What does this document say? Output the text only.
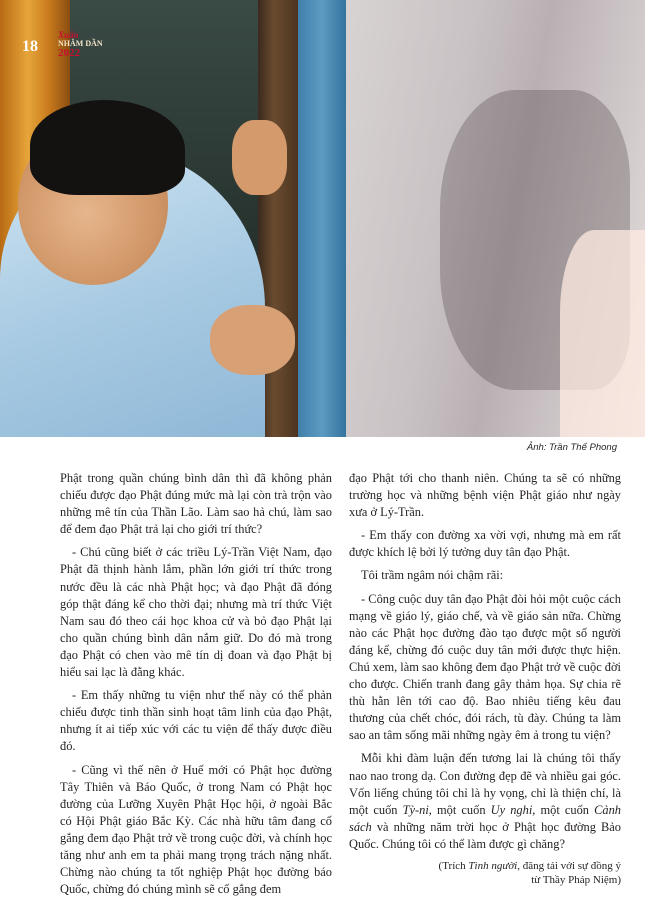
18
Xuân
NHÂM DẦN
2022
Ảnh: Trần Thế Phong

Phật trong quần chúng bình dân thì đã không phản chiếu được đạo Phật đúng mức mà lại còn trà trộn vào những mê tín của Thần Lão. Làm sao hả chú, làm sao để đem đạo Phật trả lại cho giới trí thức?

- Chú cũng biết ở các triều Lý-Trần Việt Nam, đạo Phật đã thịnh hành lắm, phần lớn giới trí thức trong nước đều là các nhà Phật học; và đạo Phật đã đóng góp thật đáng kể cho thời đại; nhưng mà trí thức Việt Nam sau đó theo cái học khoa cử và bỏ đạo Phật lại cho quần chúng bình dân nắm giữ. Do đó mà trong đạo Phật có chen vào mê tín dị đoan và đạo Phật bị hiểu sai lạc là đằng khác.

- Em thấy những tu viện như thế này có thể phản chiếu được tinh thần sinh hoạt tâm linh của đạo Phật, nhưng ít ai tiếp xúc với các tu viện để thấy được điều đó.

- Cũng vì thế nên ở Huế mới có Phật học đường Tây Thiên và Báo Quốc, ở trong Nam có Phật học đường của Lưỡng Xuyên Phật Học hội, ở ngoài Bắc có Hội Phật giáo Bắc Kỳ. Các nhà hữu tâm đang cố gắng đem đạo Phật trở về trong cuộc đời, và chính học tăng như anh em ta phải mang trọng trách nặng nhất. Chừng nào chúng ta tốt nghiệp Phật học đường báo Quốc, chừng đó chúng mình sẽ cố gắng đem

đạo Phật tới cho thanh niên. Chúng ta sẽ có những trường học và những bệnh viện Phật giáo như ngày xưa ở Lý-Trần.

- Em thấy con đường xa vời vợi, nhưng mà em rất được khích lệ bởi lý tưởng duy tân đạo Phật.

Tôi trầm ngâm nói chậm rãi:

- Công cuộc duy tân đạo Phật đòi hỏi một cuộc cách mạng về giáo lý, giáo chế, và về giáo sản nữa. Chừng nào các Phật học đường đào tạo được một số người đáng kể, chừng đó cuộc duy tân mới được thực hiện. Chú xem, làm sao không đem đạo Phật trở về cuộc đời cho được. Chiến tranh đang gây thảm họa. Sự chia rẽ thù hằn lên tới cao độ. Bao nhiêu tiếng kêu đau thương của chết chóc, đói rách, tù đày. Chúng ta làm sao an tâm sống mãi những ngày êm ả trong tu viện?

Mỗi khi đàm luận đến tương lai là chúng tôi thấy nao nao trong dạ. Con đường đẹp đẽ và nhiều gai góc. Vốn liếng chúng tôi chỉ là hy vọng, chỉ là thiện chí, là một cuốn Tỳ-ni, một cuốn Uy nghi, một cuốn Cảnh sách và những năm trời học ở Phật học đường Bảo Quốc. Chúng tôi có thể làm được gì chăng?

(Trích Tình người, đăng tải với sự đồng ý
từ Thầy Pháp Niệm)
